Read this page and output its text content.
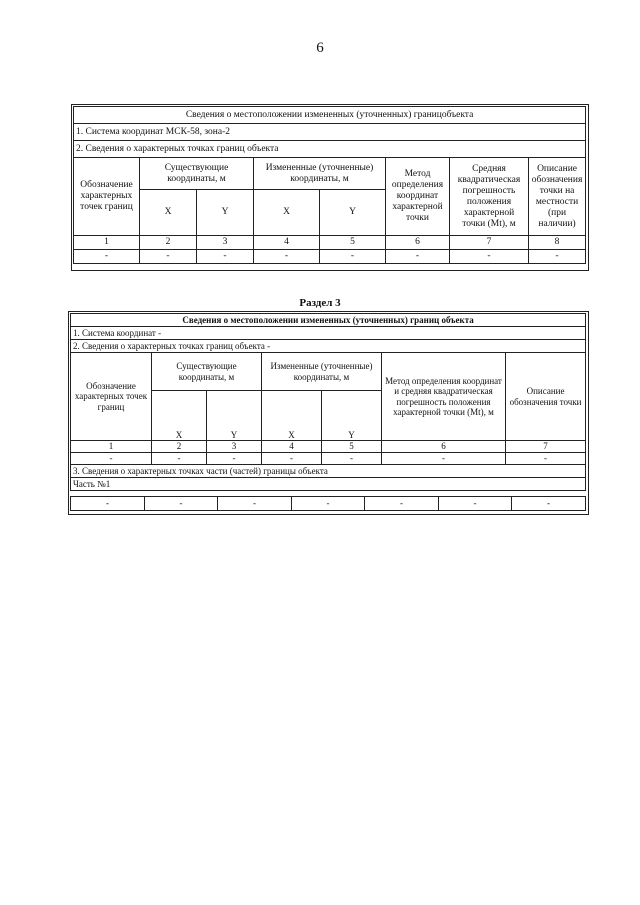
6
Сведения о местоположении измененных (уточненных) границобъекта							
1. Система координат МСК-58, зона-2							
2. Сведения о характерных точках границ объекта							
Обозначение характерных точек границ	Существующие координаты, м		Измененные (уточненные) координаты, м		Метод определения координат характерной точки	Средняя квадратическая погрешность положения характерной точки (Mt), м	Описание обозначения точки на местности (при наличии)
	X	Y	X	Y			
1	2	3	4	5	6	7	8
-	-	-	-	-	-	-	-
Раздел 3
Сведения о местоположении измененных (уточненных) границ объекта						
1. Система координат -						
2. Сведения о характерных точках границ объекта -						
Обозначение характерных точек границ	Существующие координаты, м		Измененные (уточненные) координаты, м		Метод определения координат и средняя квадратическая погрешность положения характерной точки (Mt), м	Описание обозначения точки
	X	Y	X	Y		
1	2	3	4	5	6	7
-	-	-	-	-	-	-
3. Сведения о характерных точках части (частей) границы объекта						
Часть №1						
-	-	-	-	-	-	-
